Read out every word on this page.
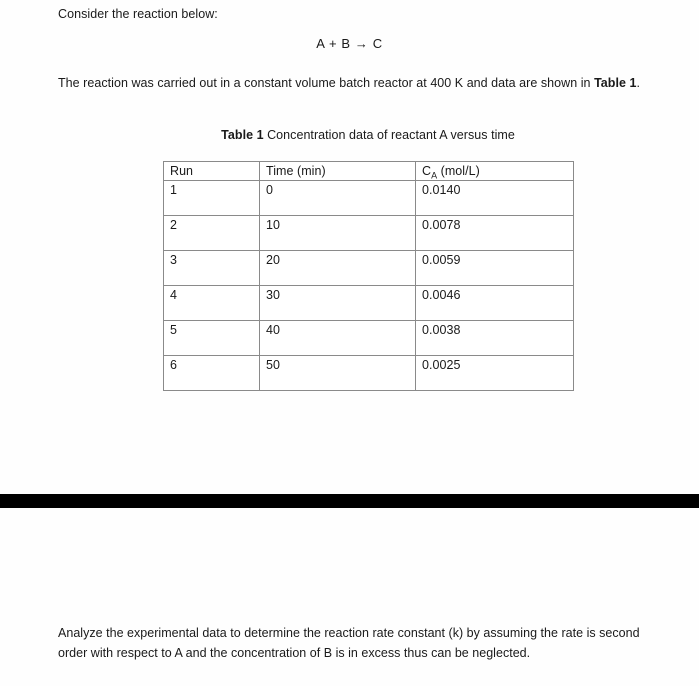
Consider the reaction below:
A + B → C
The reaction was carried out in a constant volume batch reactor at 400 K and data are shown in Table 1.
Table 1 Concentration data of reactant A versus time
Run	Time (min)	$C_A$ (mol/L)
1	0	0.0140
2	10	0.0078
3	20	0.0059
4	30	0.0046
5	40	0.0038
6	50	0.0025
Analyze the experimental data to determine the reaction rate constant (k) by assuming the rate is second order with respect to A and the concentration of B is in excess thus can be neglected.
